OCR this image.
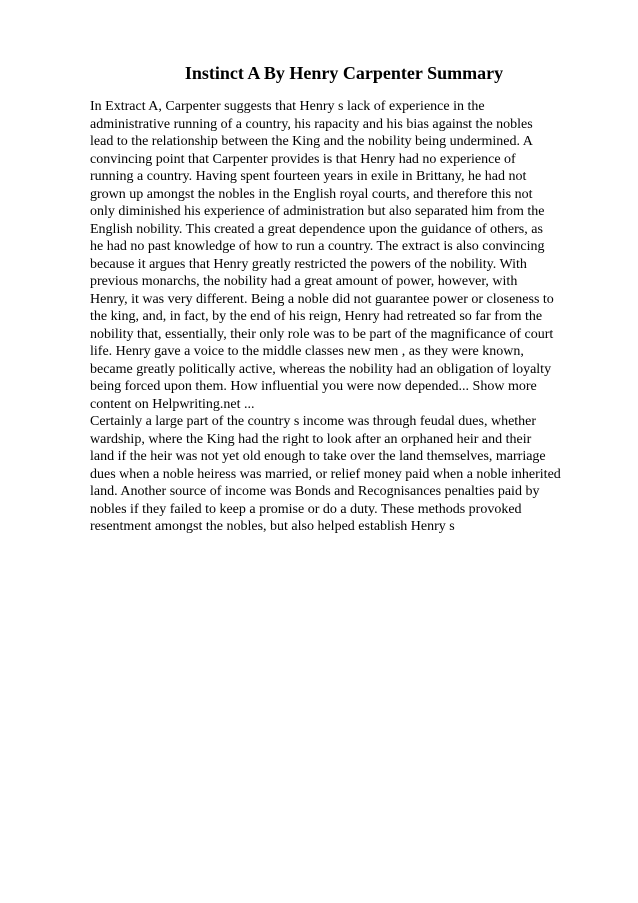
Instinct A By Henry Carpenter Summary
In Extract A, Carpenter suggests that Henry s lack of experience in the
administrative running of a country, his rapacity and his bias against the nobles
lead to the relationship between the King and the nobility being undermined. A
convincing point that Carpenter provides is that Henry had no experience of
running a country. Having spent fourteen years in exile in Brittany, he had not
grown up amongst the nobles in the English royal courts, and therefore this not
only diminished his experience of administration but also separated him from the
English nobility. This created a great dependence upon the guidance of others, as
he had no past knowledge of how to run a country. The extract is also convincing
because it argues that Henry greatly restricted the powers of the nobility. With
previous monarchs, the nobility had a great amount of power, however, with
Henry, it was very different. Being a noble did not guarantee power or closeness to
the king, and, in fact, by the end of his reign, Henry had retreated so far from the
nobility that, essentially, their only role was to be part of the magnificance of court
life. Henry gave a voice to the middle classes new men , as they were known,
became greatly politically active, whereas the nobility had an obligation of loyalty
being forced upon them. How influential you were now depended... Show more
content on Helpwriting.net ...
Certainly a large part of the country s income was through feudal dues, whether
wardship, where the King had the right to look after an orphaned heir and their
land if the heir was not yet old enough to take over the land themselves, marriage
dues when a noble heiress was married, or relief money paid when a noble inherited
land. Another source of income was Bonds and Recognisances penalties paid by
nobles if they failed to keep a promise or do a duty. These methods provoked
resentment amongst the nobles, but also helped establish Henry s
